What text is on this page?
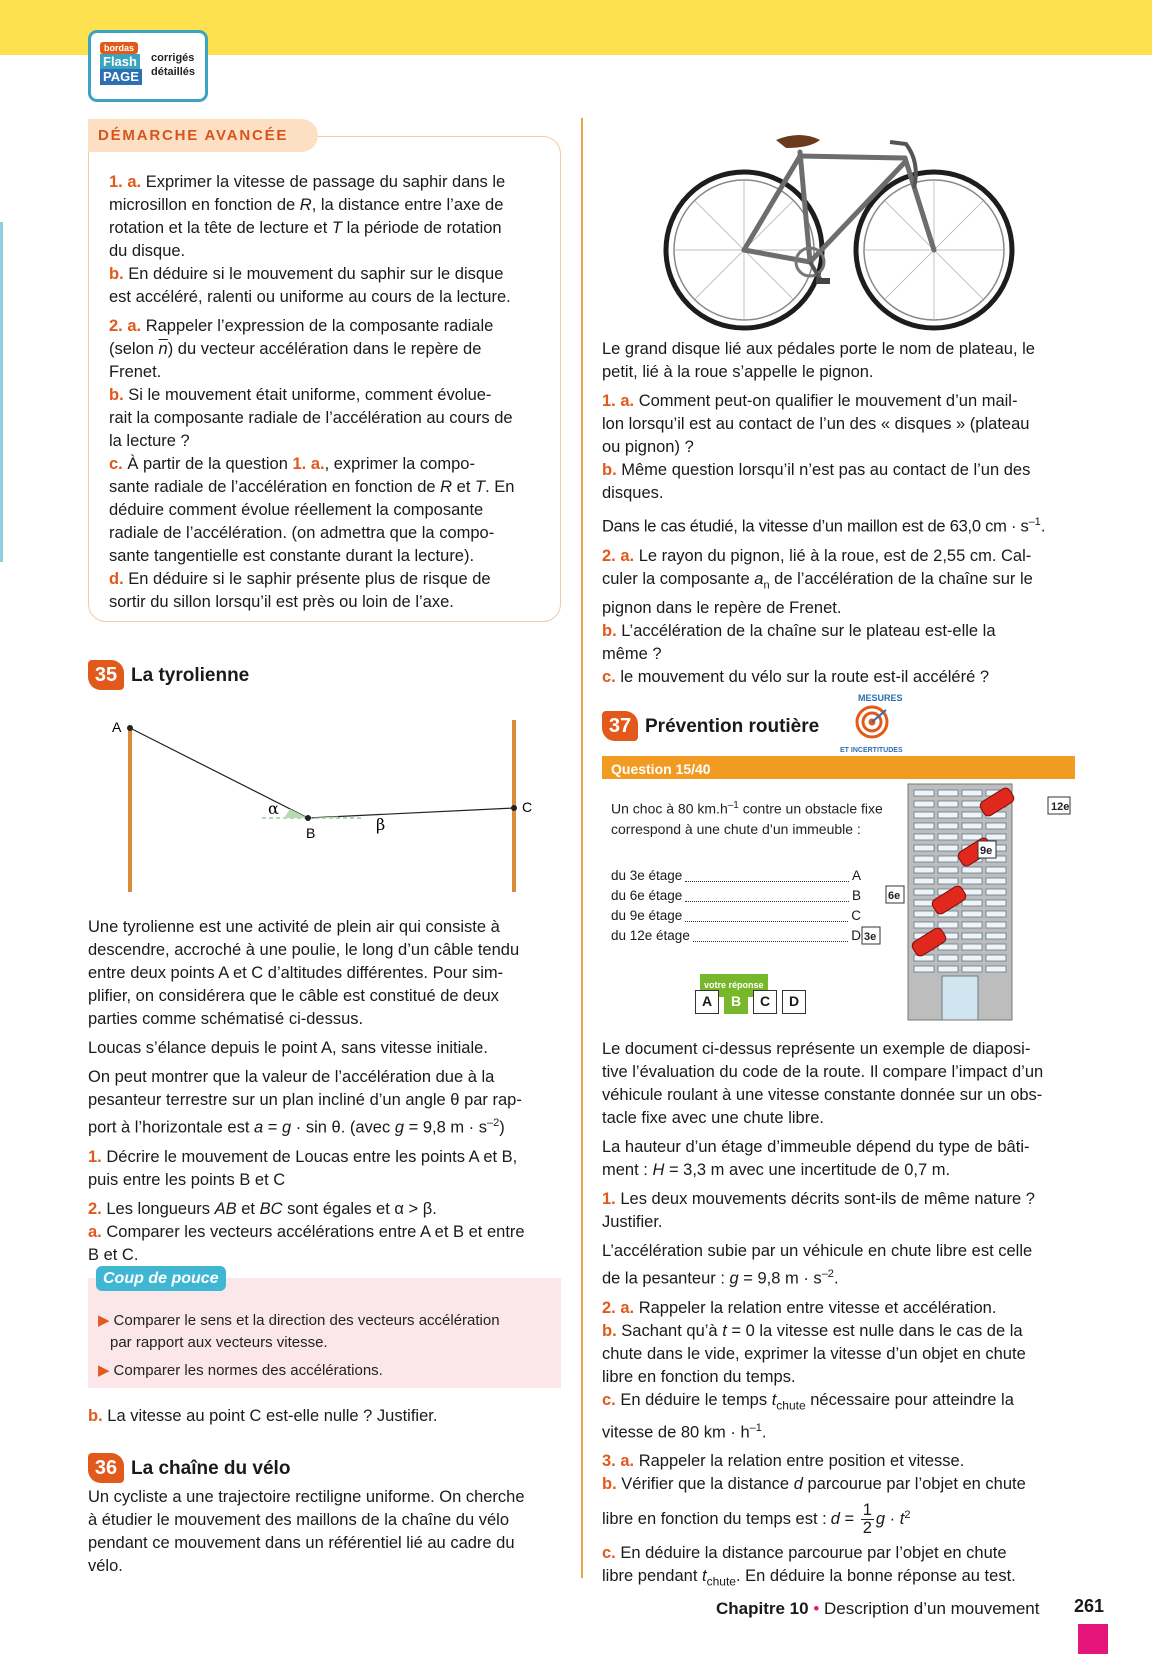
bordas
Flash
PAGE
corrigés
détaillés
DÉMARCHE AVANCÉE
1. a. Exprimer la vitesse de passage du saphir dans le
microsillon en fonction de R, la distance entre l’axe de
rotation et la tête de lecture et T la période de rotation
du disque.
b. En déduire si le mouvement du saphir sur le disque
est accéléré, ralenti ou uniforme au cours de la lecture.
2. a. Rappeler l’expression de la composante radiale
(selon $\overline{n}$) du vecteur accélération dans le repère de
Frenet.
b. Si le mouvement était uniforme, comment évolue-
rait la composante radiale de l’accélération au cours de
la lecture ?
c. À partir de la question 1. a., exprimer la compo-
sante radiale de l’accélération en fonction de R et T. En
déduire comment évolue réellement la composante
radiale de l’accélération. (on admettra que la compo-
sante tangentielle est constante durant la lecture).
d. En déduire si le saphir présente plus de risque de
sortir du sillon lorsqu’il est près ou loin de l’axe.
35 La tyrolienne
A
B
C
α
β
Une tyrolienne est une activité de plein air qui consiste à
descendre, accroché à une poulie, le long d’un câble tendu
entre deux points A et C d’altitudes différentes. Pour sim-
plifier, on considérera que le câble est constitué de deux
parties comme schématisé ci-dessus.
Loucas s’élance depuis le point A, sans vitesse initiale.
On peut montrer que la valeur de l’accélération due à la
pesanteur terrestre sur un plan incliné d’un angle θ par rap-
port à l’horizontale est a = g · sin θ. (avec g = 9,8 $m \cdot s^{-2}$)
1. Décrire le mouvement de Loucas entre les points A et B,
puis entre les points B et C
2. Les longueurs AB et BC sont égales et α > β.
a. Comparer les vecteurs accélérations entre A et B et entre
B et C.
Coup de pouce
▶ Comparer le sens et la direction des vecteurs accélération
par rapport aux vecteurs vitesse.
▶ Comparer les normes des accélérations.
b. La vitesse au point C est-elle nulle ? Justifier.
36 La chaîne du vélo
Un cycliste a une trajectoire rectiligne uniforme. On cherche
à étudier le mouvement des maillons de la chaîne du vélo
pendant ce mouvement dans un référentiel lié au cadre du
vélo.
Le grand disque lié aux pédales porte le nom de plateau, le
petit, lié à la roue s’appelle le pignon.
1. a. Comment peut-on qualifier le mouvement d’un mail-
lon lorsqu’il est au contact de l’un des « disques » (plateau
ou pignon) ?
b. Même question lorsqu’il n’est pas au contact de l’un des
disques.
Dans le cas étudié, la vitesse d’un maillon est de 63,0 cm · $s^{-1}$.
2. a. Le rayon du pignon, lié à la roue, est de 2,55 cm. Cal-
culer la composante $a_n$ de l’accélération de la chaîne sur le
pignon dans le repère de Frenet.
b. L’accélération de la chaîne sur le plateau est-elle la
même ?
c. le mouvement du vélo sur la route est-il accéléré ?
37 Prévention routière
MESURES
ET INCERTITUDES
Question 15/40
Un choc à 80 $km.h^{-1}$ contre un obstacle fixe
correspond à une chute d’un immeuble :
du 3e étage	A
du 6e étage	B
du 9e étage	C
du 12e étage	D
votre réponse
A	B	C	D
12e
9e
6e
3e
Le document ci-dessus représente un exemple de diaposi-
tive l’évaluation du code de la route. Il compare l’impact d’un
véhicule roulant à une vitesse constante donnée sur un obs-
tacle fixe avec une chute libre.
La hauteur d’un étage d’immeuble dépend du type de bâti-
ment : H = 3,3 m avec une incertitude de 0,7 m.
1. Les deux mouvements décrits sont-ils de même nature ?
Justifier.
L’accélération subie par un véhicule en chute libre est celle
de la pesanteur : g = 9,8 $m \cdot s^{-2}$.
2. a. Rappeler la relation entre vitesse et accélération.
b. Sachant qu’à t = 0 la vitesse est nulle dans le cas de la
chute dans le vide, exprimer la vitesse d’un objet en chute
libre en fonction du temps.
c. En déduire le temps $t_{chute}$ nécessaire pour atteindre la
vitesse de 80 km · $h^{-1}$.
3. a. Rappeler la relation entre position et vitesse.
b. Vérifier que la distance d parcourue par l’objet en chute
libre en fonction du temps est : $d = \frac{1}{2}$ $g \cdot t^2$
c. En déduire la distance parcourue par l’objet en chute
libre pendant $t_{chute}$. En déduire la bonne réponse au test.
Chapitre 10 • Description d’un mouvement 261
